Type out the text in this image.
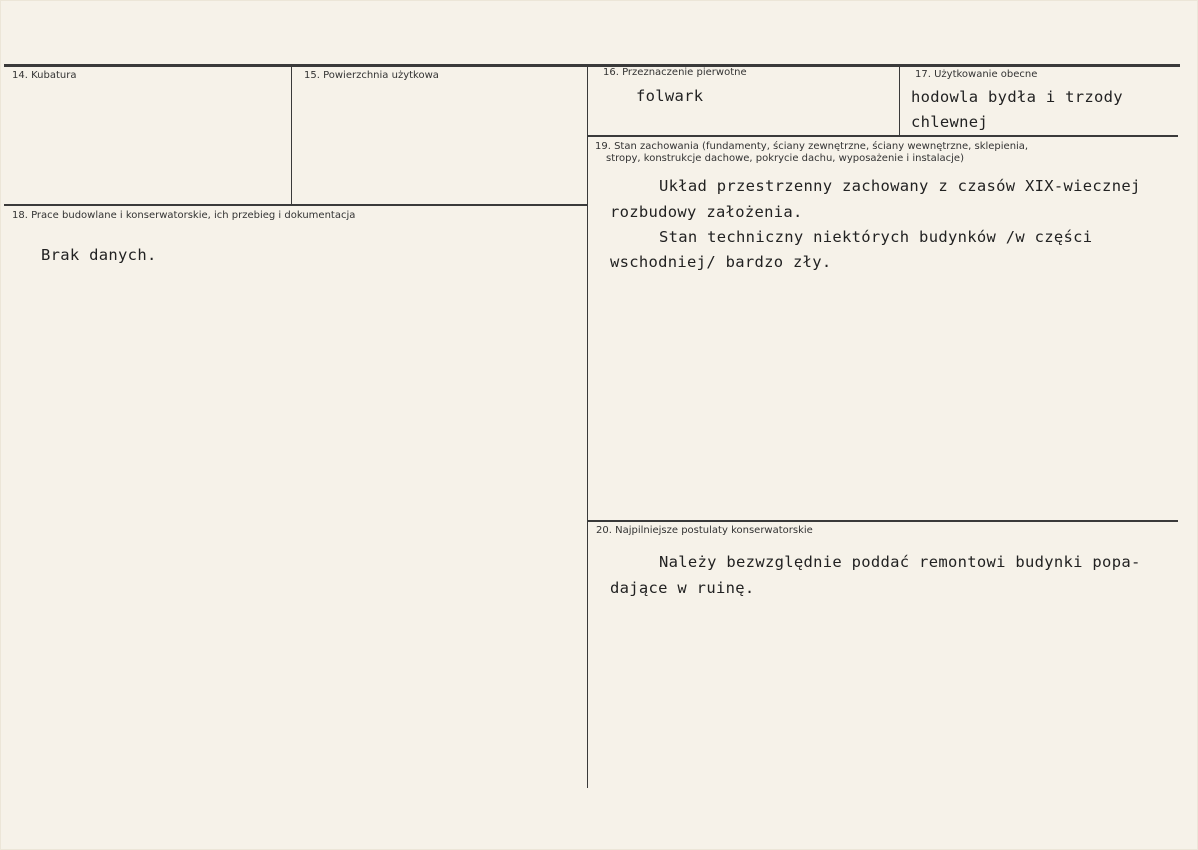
14. Kubatura	15. Powierzchnia użytkowa	16. Przeznaczenie pierwotne
folwark
17. Użytkowanie obecne
hodowla bydła i trzody
chlewnej
18. Prace budowlane i konserwatorskie, ich przebieg i dokumentacja
Brak danych.
19. Stan zachowania (fundamenty, ściany zewnętrzne, ściany wewnętrzne, sklepienia,
stropy, konstrukcje dachowe, pokrycie dachu, wyposażenie i instalacje)
Układ przestrzenny zachowany z czasów XIX-wiecznej
rozbudowy założenia.
Stan techniczny niektórych budynków /w części
wschodniej/ bardzo zły.
20. Najpilniejsze postulaty konserwatorskie
Należy bezwzględnie poddać remontowi budynki popa-
dające w ruinę.
